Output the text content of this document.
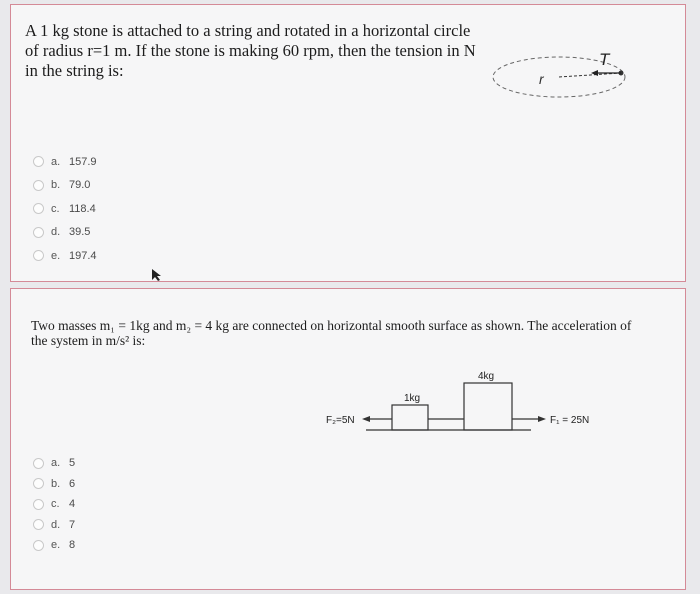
A 1 kg stone is attached to a string and rotated in a horizontal circle of radius r=1 m. If the stone is making 60 rpm, then the tension in N in the string is:	r
T
a. 157.9
b. 79.0
c. 118.4
d. 39.5
e. 197.4
Two masses m₁ = 1kg and m₂ = 4 kg are connected on horizontal smooth surface as shown. The acceleration of the system in m/s² is:
1kg
4kg
F₂=5N	F₁ = 25N
a. 5
b. 6
c. 4
d. 7
e. 8
